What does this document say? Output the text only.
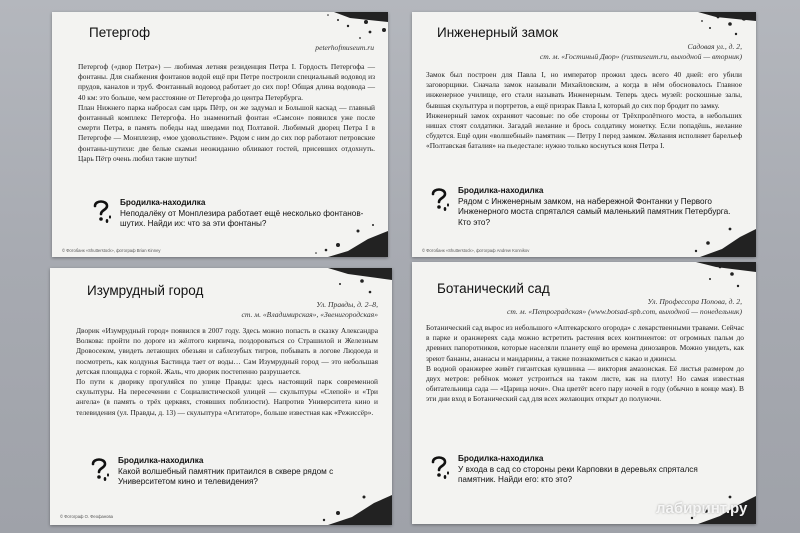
Петергоф
peterhofmuseum.ru

Петергоф («двор Петра») — любимая летняя резиденция Петра I. Гордость Петергофа — фонтаны. Для снабжения фонтанов водой ещё при Петре построили специальный водовод из прудов, каналов и труб. Фонтанный водовод работает до сих пор! Общая длина водовода — 40 км: это больше, чем расстояние от Петергофа до центра Петербурга.

План Нижнего парка набросал сам царь Пётр, он же задумал и Большой каскад — главный фонтанный комплекс Петергофа. Но знаменитый фонтан «Самсон» появился уже после смерти Петра, в память победы над шведами под Полтавой. Любимый дворец Петра I в Петергофе — Монплезир, «мое удовольствие». Рядом с ним до сих пор работают петровские фонтаны-шутихи: две белые скамьи неожиданно обливают гостей, присевших отдохнуть. Царь Пётр очень любил такие шутки!

Бродилка-находилка
Неподалёку от Монплезира работает ещё несколько фонтанов-шутих. Найди их: что за эти фонтаны?
© Фотобанк «Shutterstock», фотограф Brian Kinney
Инженерный замок
Садовая ул., д. 2,
ст. м. «Гостиный Двор» (rusmuseum.ru, выходной — вторник)

Замок был построен для Павла I, но император прожил здесь всего 40 дней: его убили заговорщики. Сначала замок называли Михайловским, а когда в нём обосновалось Главное инженерное училище, его стали называть Инженерным. Теперь здесь музей: роскошные залы, бывшая скульптура и портретов, а ещё призрак Павла I, который до сих пор бродит по замку.

Инженерный замок охраняют часовые: по обе стороны от Трёхпролётного моста, в небольших нишах стоят солдатики. Загадай желание и брось солдатику монетку. Если попадёшь, желание сбудется. Ещё один «волшебный» памятник — Петру I перед замком. Желания исполняет барельеф «Полтавская баталия» на пьедестале: нужно только коснуться коня Петра I.

Бродилка-находилка
Рядом с Инженерным замком, на набережной Фонтанки у Первого Инженерного моста спрятался самый маленький памятник Петербурга. Кто это?
© Фотобанк «Shutterstock», фотограф Andrew Konnikov
Изумрудный город
Ул. Правды, д. 2–8,
ст. м. «Владимирская», «Звенигородская»

Дворик «Изумрудный город» появился в 2007 году. Здесь можно попасть в сказку Александра Волкова: пройти по дороге из жёлтого кирпича, поздороваться со Страшилой и Железным Дровосеком, увидеть летающих обезьян и саблезубых тигров, побывать в логове Людоеда и посмотреть, как колдунья Бастинда тает от воды… Сам Изумрудный город — это небольшая детская площадка с горкой. Жаль, что дворик постепенно разрушается.

По пути к дворику прогуляйся по улице Правды: здесь настоящий парк современной скульптуры. На пересечении с Социалистической улицей — скульптуры «Слепой» и «Три ангела» (в память о трёх церквях, стоявших поблизости). Напротив Университета кино и телевидения (ул. Правды, д. 13) — скульптура «Агитатор», больше известная как «Режиссёр».

Бродилка-находилка
Какой волшебный памятник притаился в сквере рядом с Университетом кино и телевидения?
© Фотограф О. Феофанова
Ботанический сад
Ул. Профессора Попова, д. 2,
ст. м. «Петроградская» (www.botsad-spb.com, выходной — понедельник)

Ботанический сад вырос из небольшого «Аптекарского огорода» с лекарственными травами. Сейчас в парке и оранжереях сада можно встретить растения всех континентов: от огромных пальм до древних папоротников, которые населяли планету ещё во времена динозавров. Можно увидеть, как зреют бананы, ананасы и мандарины, а также познакомиться с какао и джинсы.

В водной оранжерее живёт гигантская кувшинка — виктория амазонская. Её листья размером до двух метров: ребёнок может устроиться на таком листе, как на плоту! Но самая известная обитательница сада — «Царица ночи». Она цветёт всего пару ночей в году (обычно в конце мая). В эти дни вход в Ботанический сад для всех желающих открыт до полуночи.

Бродилка-находилка
У входа в сад со стороны реки Карповки в деревьях спрятался памятник. Найди его: кто это?
лабиринт.ру
